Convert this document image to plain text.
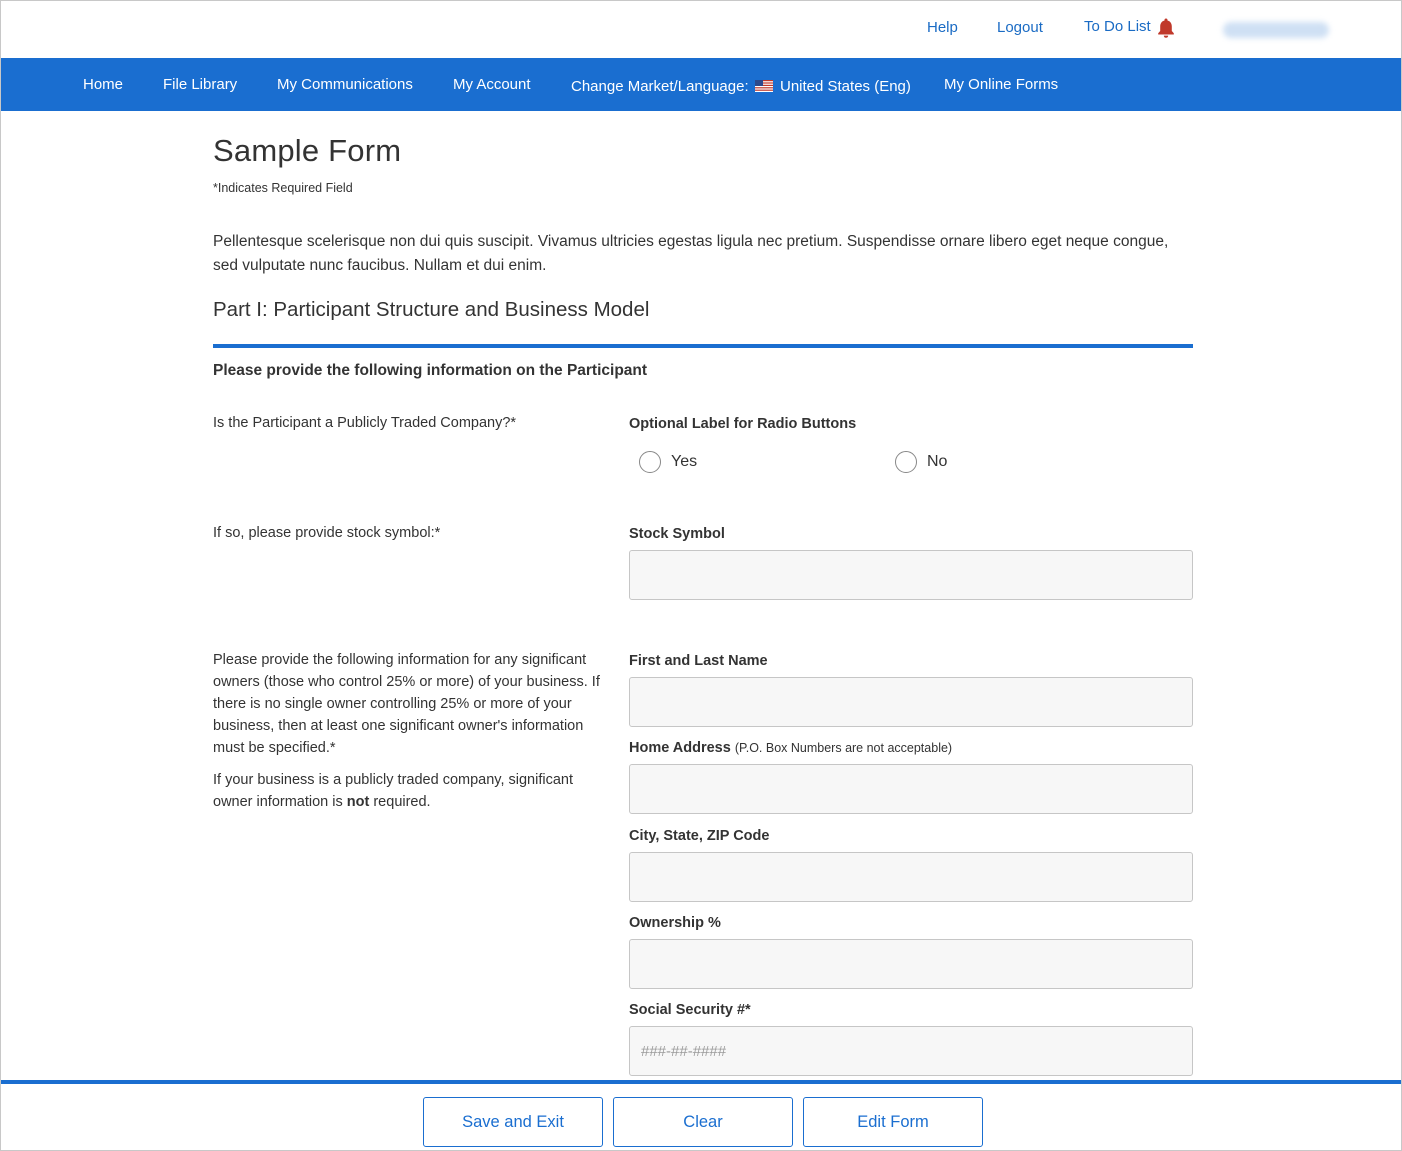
Help	Logout	To Do List
Home	File Library	My Communications	My Account	Change Market/Language: United States (Eng) My Online Forms
Sample Form
*Indicates Required Field

Pellentesque scelerisque non dui quis suscipit. Vivamus ultricies egestas ligula nec pretium. Suspendisse ornare libero eget neque congue, sed vulputate nunc faucibus. Nullam et dui enim.

Part I: Participant Structure and Business Model
Please provide the following information on the Participant
Is the Participant a Publicly Traded Company?*	Optional Label for Radio Buttons
Yes	No
If so, please provide stock symbol:*	Stock Symbol

Please provide the following information for any significant owners (those who control 25% or more) of your business. If there is no single owner controlling 25% or more of your business, then at least one significant owner's information must be specified.*

If your business is a publicly traded company, significant owner information is not required.

First and Last Name
Home Address (P.O. Box Numbers are not acceptable)
City, State, ZIP Code
Ownership %
Social Security #*
###-##-####
Save and Exit	Clear	Edit Form
